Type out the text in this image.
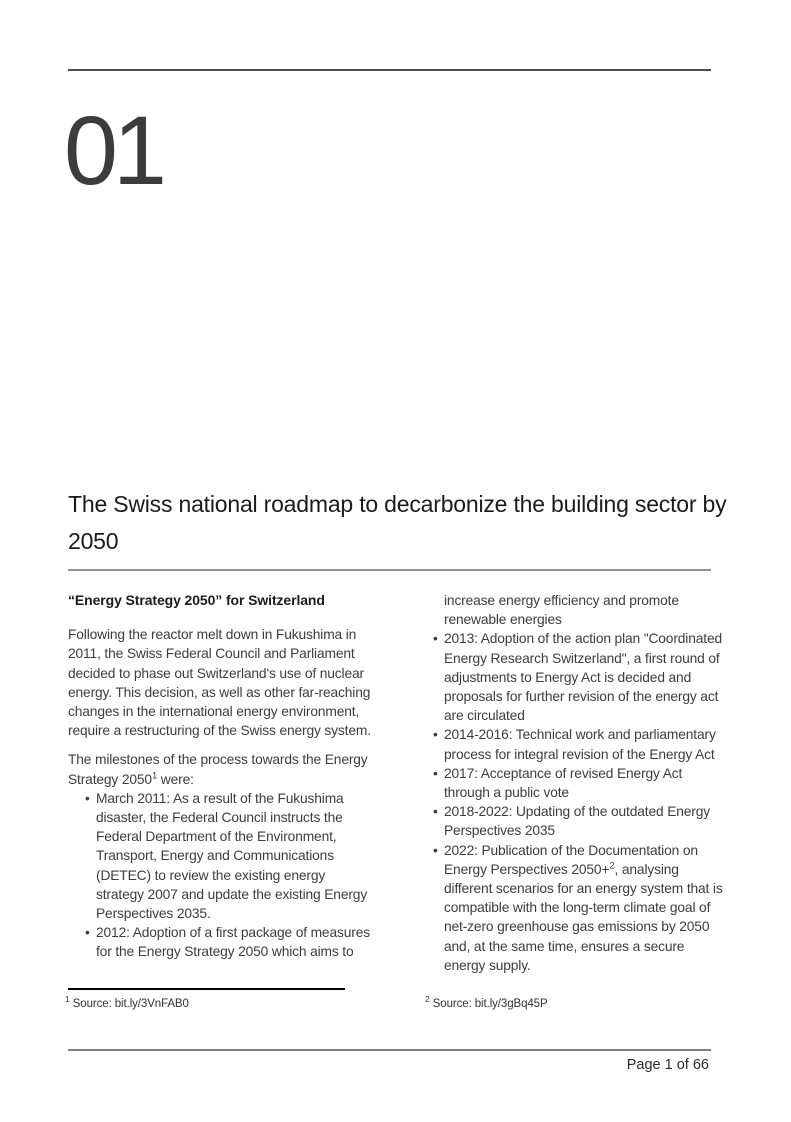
01
The Swiss national roadmap to decarbonize the building sector by 2050
“Energy Strategy 2050” for Switzerland

Following the reactor melt down in Fukushima in 2011, the Swiss Federal Council and Parliament decided to phase out Switzerland's use of nuclear energy. This decision, as well as other far-reaching changes in the international energy environment, require a restructuring of the Swiss energy system.

The milestones of the process towards the Energy Strategy 2050$^1$ were:

• March 2011: As a result of the Fukushima disaster, the Federal Council instructs the Federal Department of the Environment, Transport, Energy and Communications (DETEC) to review the existing energy strategy 2007 and update the existing Energy Perspectives 2035.
• 2012: Adoption of a first package of measures for the Energy Strategy 2050 which aims to

increase energy efficiency and promote renewable energies

• 2013: Adoption of the action plan "Coordinated Energy Research Switzerland", a first round of adjustments to Energy Act is decided and proposals for further revision of the energy act are circulated
• 2014-2016: Technical work and parliamentary process for integral revision of the Energy Act
• 2017: Acceptance of revised Energy Act through a public vote
• 2018-2022: Updating of the outdated Energy Perspectives 2035
• 2022: Publication of the Documentation on Energy Perspectives 2050+$^2$, analysing different scenarios for an energy system that is compatible with the long-term climate goal of net-zero greenhouse gas emissions by 2050 and, at the same time, ensures a secure energy supply.
$^1$ Source: bit.ly/3VnFAB0	$^2$ Source: bit.ly/3gBq45P
Page 1 of 66
